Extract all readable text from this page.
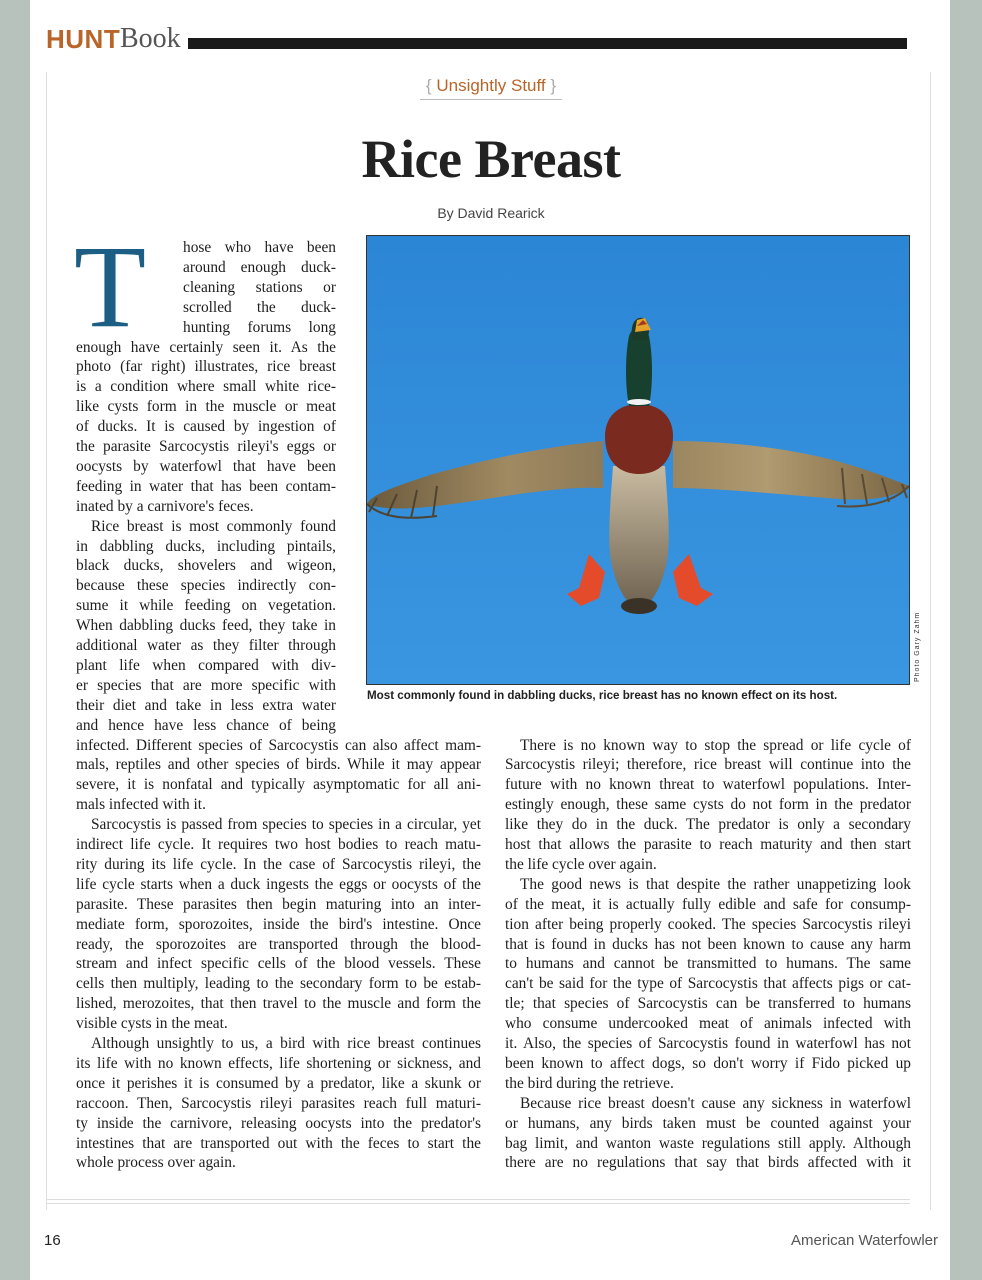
HUNT Book
{ Unsightly Stuff }
Rice Breast
By David Rearick
T hose who have been
around enough duck-
cleaning stations or
scrolled the duck-
hunting forums long
enough have certainly seen it. As the
photo (far right) illustrates, rice breast
is a condition where small white rice-
like cysts form in the muscle or meat
of ducks. It is caused by ingestion of
the parasite Sarcocystis rileyi's eggs or
oocysts by waterfowl that have been
feeding in water that has been contam-
inated by a carnivore's feces.
Rice breast is most commonly found
in dabbling ducks, including pintails,
black ducks, shovelers and wigeon,
because these species indirectly con-
sume it while feeding on vegetation.
When dabbling ducks feed, they take in
additional water as they filter through
plant life when compared with div-
er species that are more specific with
their diet and take in less extra water
and hence have less chance of being
infected. Different species of Sarcocystis can also affect mam-
mals, reptiles and other species of birds. While it may appear
severe, it is nonfatal and typically asymptomatic for all ani-
mals infected with it.
Sarcocystis is passed from species to species in a circular, yet
indirect life cycle. It requires two host bodies to reach matu-
rity during its life cycle. In the case of Sarcocystis rileyi, the
life cycle starts when a duck ingests the eggs or oocysts of the
parasite. These parasites then begin maturing into an inter-
mediate form, sporozoites, inside the bird's intestine. Once
ready, the sporozoites are transported through the blood-
stream and infect specific cells of the blood vessels. These
cells then multiply, leading to the secondary form to be estab-
lished, merozoites, that then travel to the muscle and form the
visible cysts in the meat.
Although unsightly to us, a bird with rice breast continues
its life with no known effects, life shortening or sickness, and
once it perishes it is consumed by a predator, like a skunk or
raccoon. Then, Sarcocystis rileyi parasites reach full maturi-
ty inside the carnivore, releasing oocysts into the predator's
intestines that are transported out with the feces to start the
whole process over again.
There is no known way to stop the spread or life cycle of
Sarcocystis rileyi; therefore, rice breast will continue into the
future with no known threat to waterfowl populations. Inter-
estingly enough, these same cysts do not form in the predator
like they do in the duck. The predator is only a secondary
host that allows the parasite to reach maturity and then start
the life cycle over again.
The good news is that despite the rather unappetizing look
of the meat, it is actually fully edible and safe for consump-
tion after being properly cooked. The species Sarcocystis rileyi
that is found in ducks has not been known to cause any harm
to humans and cannot be transmitted to humans. The same
can't be said for the type of Sarcocystis that affects pigs or cat-
tle; that species of Sarcocystis can be transferred to humans
who consume undercooked meat of animals infected with
it. Also, the species of Sarcocystis found in waterfowl has not
been known to affect dogs, so don't worry if Fido picked up
the bird during the retrieve.
Because rice breast doesn't cause any sickness in waterfowl
or humans, any birds taken must be counted against your
bag limit, and wanton waste regulations still apply. Although
there are no regulations that say that birds affected with it
Photo Gary Zahm
Most commonly found in dabbling ducks, rice breast has no known effect on its host.
16	American Waterfowler
